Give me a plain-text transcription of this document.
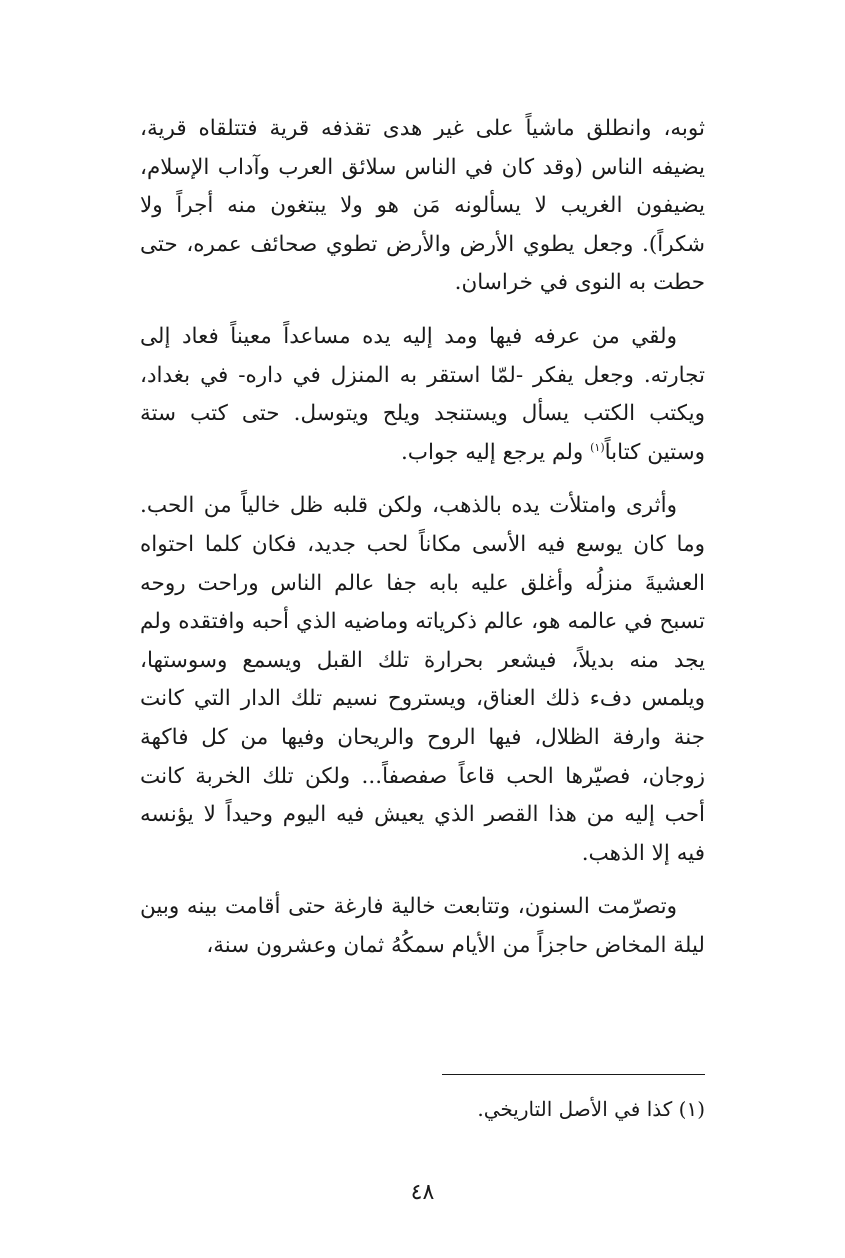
ثوبه، وانطلق ماشياً على غير هدى تقذفه قرية فتتلقاه قرية، يضيفه الناس (وقد كان في الناس سلائق العرب وآداب الإسلام، يضيفون الغريب لا يسألونه مَن هو ولا يبتغون منه أجراً ولا شكراً). وجعل يطوي الأرض والأرض تطوي صحائف عمره، حتى حطت به النوى في خراسان.

ولقي من عرفه فيها ومد إليه يده مساعداً معيناً فعاد إلى تجارته. وجعل يفكر -لمّا استقر به المنزل في داره- في بغداد، ويكتب الكتب يسأل ويستنجد ويلح ويتوسل. حتى كتب ستة وستين كتاباً$^{(١)}$ ولم يرجع إليه جواب.

وأثرى وامتلأت يده بالذهب، ولكن قلبه ظل خالياً من الحب. وما كان يوسع فيه الأسى مكاناً لحب جديد، فكان كلما احتواه العشيةَ منزلُه وأغلق عليه بابه جفا عالم الناس وراحت روحه تسبح في عالمه هو، عالم ذكرياته وماضيه الذي أحبه وافتقده ولم يجد منه بديلاً، فيشعر بحرارة تلك القبل ويسمع وسوستها، ويلمس دفء ذلك العناق، ويستروح نسيم تلك الدار التي كانت جنة وارفة الظلال، فيها الروح والريحان وفيها من كل فاكهة زوجان، فصيّرها الحب قاعاً صفصفاً... ولكن تلك الخربة كانت أحب إليه من هذا القصر الذي يعيش فيه اليوم وحيداً لا يؤنسه فيه إلا الذهب.

وتصرّمت السنون، وتتابعت خالية فارغة حتى أقامت بينه وبين ليلة المخاض حاجزاً من الأيام سمكُهُ ثمان وعشرون سنة،

(١) كذا في الأصل التاريخي.
٤٨
